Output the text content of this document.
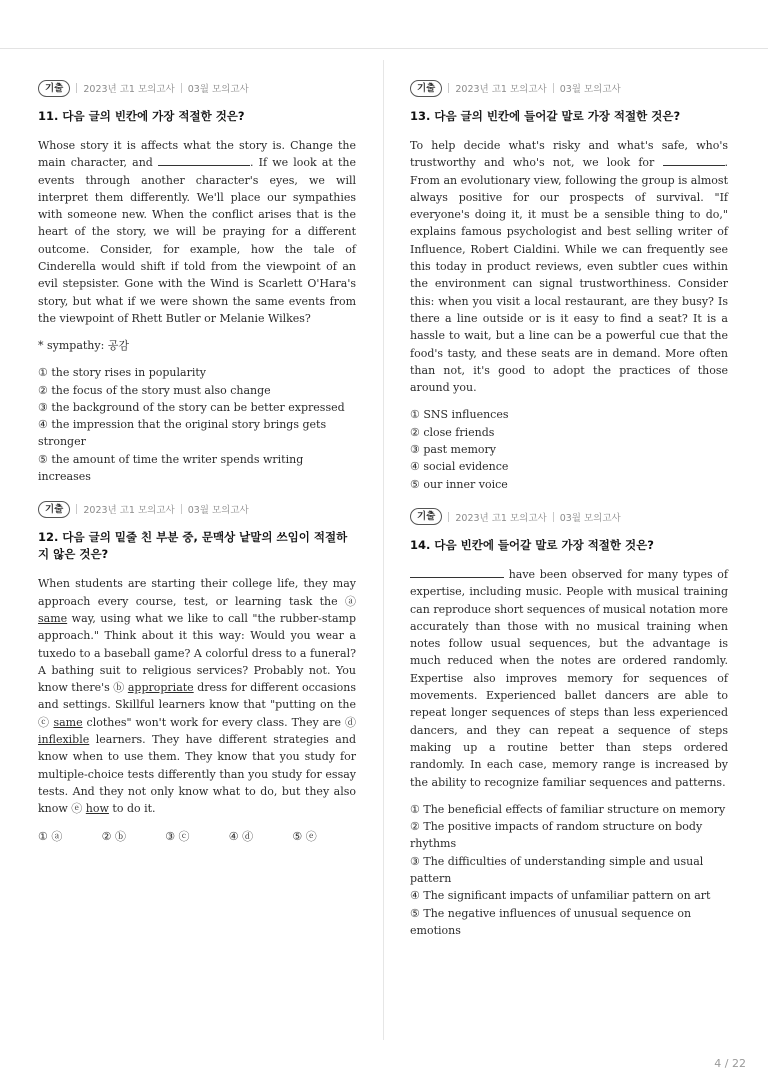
기출	2023년 고1 모의고사 03월 모의고사

11. 다음 글의 빈칸에 가장 적절한 것은?

Whose story it is affects what the story is. Change the main character, and	. If we look at the events through another character's eyes, we will interpret them differently. We'll place our sympathies with someone new. When the conflict arises that is the heart of the story, we will be praying for a different outcome. Consider, for example, how the tale of Cinderella would shift if told from the viewpoint of an evil stepsister. Gone with the Wind is Scarlett O'Hara's story, but what if we were shown the same events from the viewpoint of Rhett Butler or Melanie Wilkes?

* sympathy: 공감

① the story rises in popularity
② the focus of the story must also change
③ the background of the story can be better expressed
④ the impression that the original story brings gets stronger
⑤ the amount of time the writer spends writing increases
기출	2023년 고1 모의고사 03월 모의고사

12. 다음 글의 밑줄 친 부분 중, 문맥상 낱말의 쓰임이 적절하지 않은 것은?

When students are starting their college life, they may approach every course, test, or learning task the ⓐ same way, using what we like to call "the rubber-stamp approach." Think about it this way: Would you wear a tuxedo to a baseball game? A colorful dress to a funeral? A bathing suit to religious services? Probably not. You know there's ⓑ appropriate dress for different occasions and settings. Skillful learners know that "putting on the ⓒ same clothes" won't work for every class. They are ⓓ inflexible learners. They have different strategies and know when to use them. They know that you study for multiple-choice tests differently than you study for essay tests. And they not only know what to do, but they also know ⓔ how to do it.

① ⓐ	② ⓑ	③ ⓒ	④ ⓓ	⑤ ⓔ
기출	2023년 고1 모의고사 03월 모의고사

13. 다음 글의 빈칸에 들어갈 말로 가장 적절한 것은?

To help decide what's risky and what's safe, who's trustworthy and who's not, we look for	. From an evolutionary view, following the group is almost always positive for our prospects of survival. "If everyone's doing it, it must be a sensible thing to do," explains famous psychologist and best selling writer of Influence, Robert Cialdini. While we can frequently see this today in product reviews, even subtler cues within the environment can signal trustworthiness. Consider this: when you visit a local restaurant, are they busy? Is there a line outside or is it easy to find a seat? It is a hassle to wait, but a line can be a powerful cue that the food's tasty, and these seats are in demand. More often than not, it's good to adopt the practices of those around you.

① SNS influences
② close friends
③ past memory
④ social evidence
⑤ our inner voice
기출	2023년 고1 모의고사 03월 모의고사

14. 다음 빈칸에 들어갈 말로 가장 적절한 것은?

have been observed for many types of expertise, including music. People with musical training can reproduce short sequences of musical notation more accurately than those with no musical training when notes follow usual sequences, but the advantage is much reduced when the notes are ordered randomly. Expertise also improves memory for sequences of movements. Experienced ballet dancers are able to repeat longer sequences of steps than less experienced dancers, and they can repeat a sequence of steps making up a routine better than steps ordered randomly. In each case, memory range is increased by the ability to recognize familiar sequences and patterns.

① The beneficial effects of familiar structure on memory
② The positive impacts of random structure on body rhythms
③ The difficulties of understanding simple and usual pattern
④ The significant impacts of unfamiliar pattern on art
⑤ The negative influences of unusual sequence on emotions
4 / 22
